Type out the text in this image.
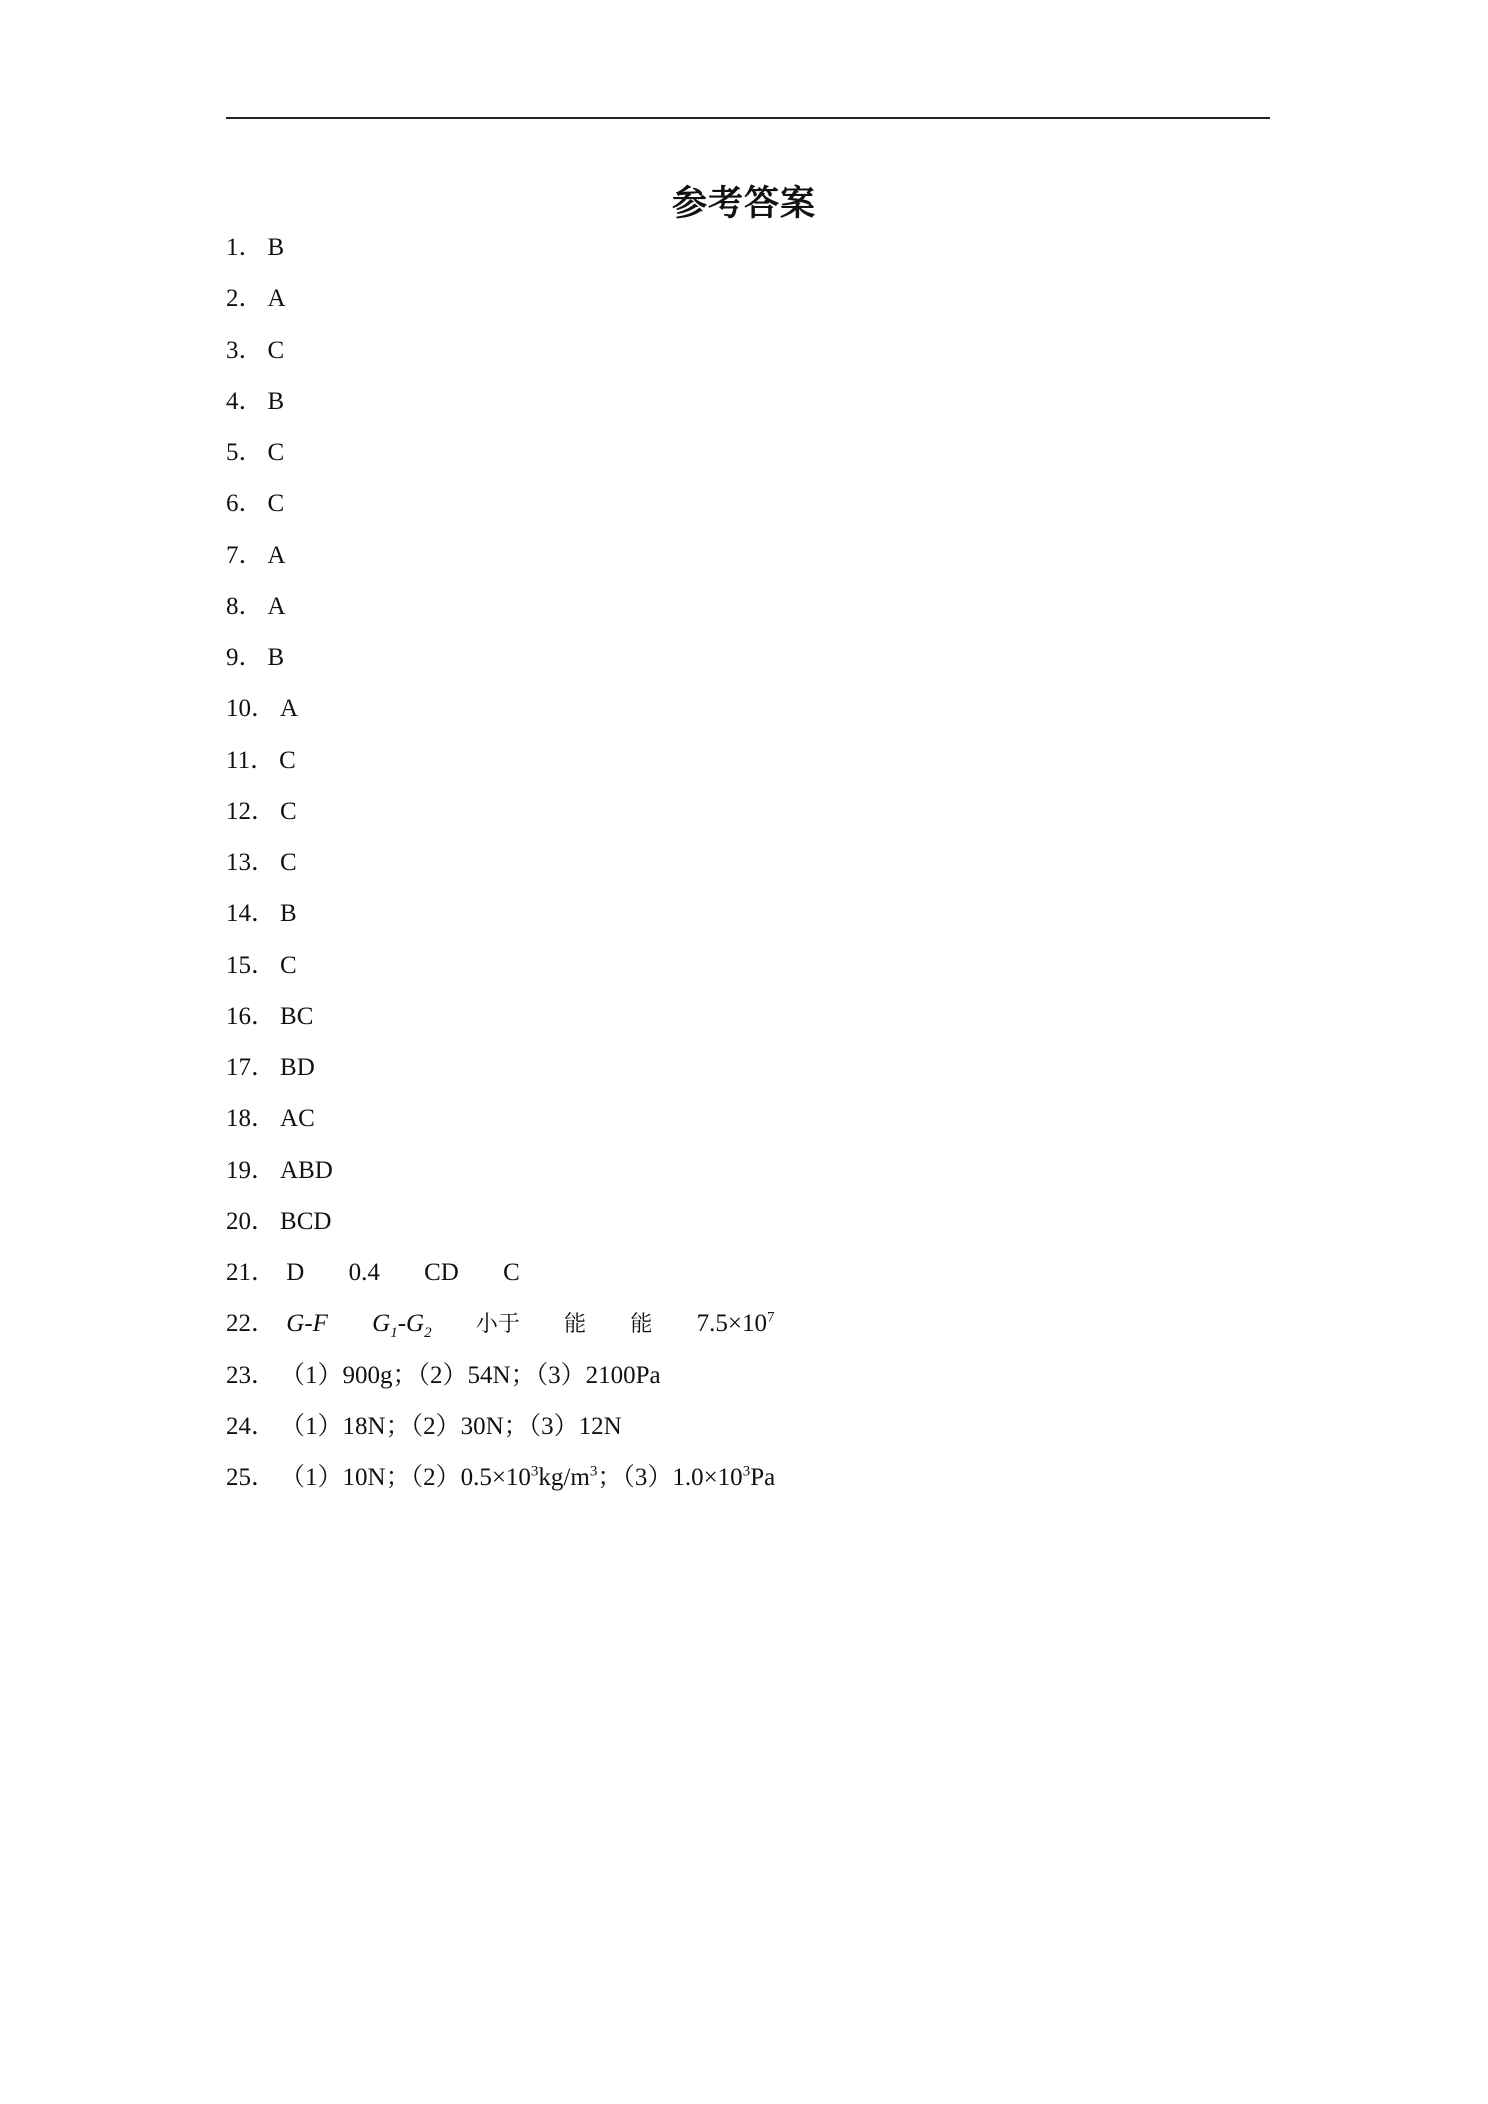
参考答案
1． B
2． A
3． C
4． B
5． C
6． C
7． A
8． A
9． B
10． A
11． C
12． C
13． C
14． B
15． C
16． BC
17． BD
18． AC
19． ABD
20． BCD
21． D 0.4 CD C
22． G-F $G_1-G_2$ 小于 能 能 $7.5\times 10^7$
23． （1）900g；（2）54N；（3）2100Pa
24． （1）18N；（2）30N；（3）12N
25． （1）10N；$(2)0.5\times 10^3kg/m^3$；$(3)1.0\times 10^3Pa$
